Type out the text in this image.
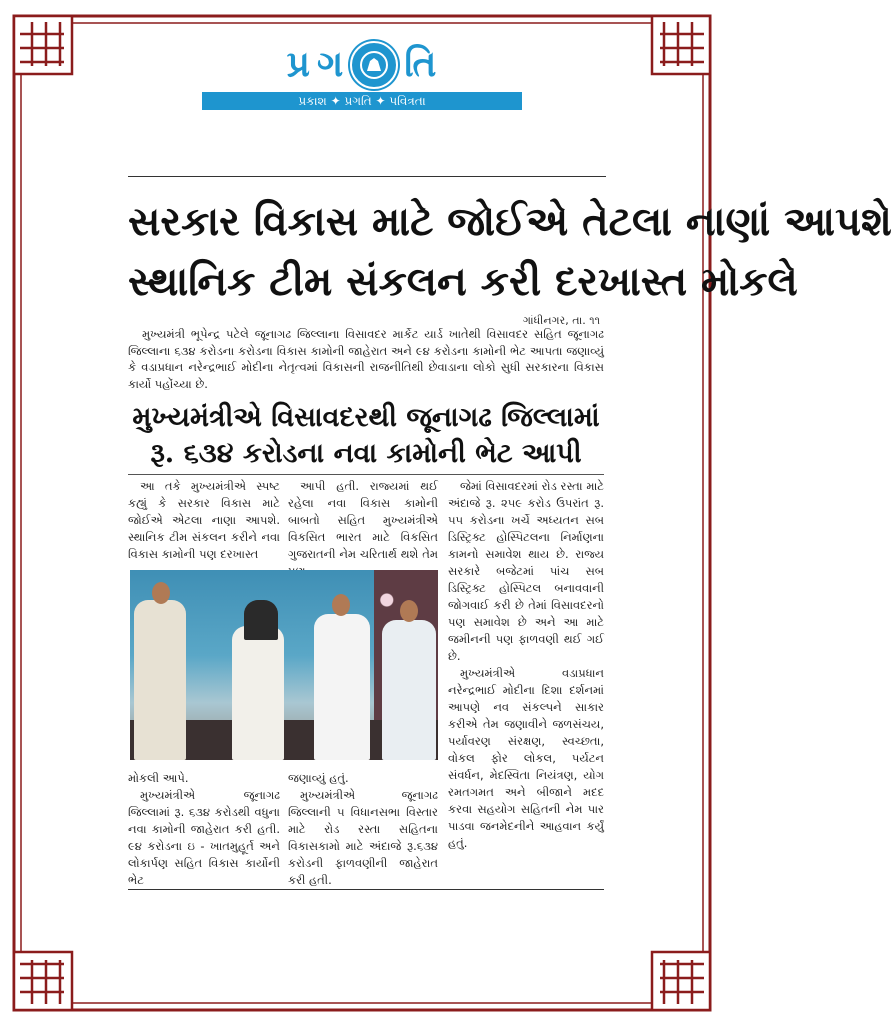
પ્ર ગ તિ
પ્રકાશ ✦ પ્રગતિ ✦ પવિત્રતા
સરકાર વિકાસ માટે જોઈએ તેટલા નાણાં આપશે
સ્થાનિક ટીમ સંકલન કરી દરખાસ્ત મોકલે
ગાંધીનગર, તા. ૧૧

મુખ્યમંત્રી ભૂપેન્દ્ર પટેલે જૂનાગઢ જિલ્લાના વિસાવદર માર્કેટ યાર્ડ ખાતેથી વિસાવદર સહિત જૂનાગઢ જિલ્લાના ૬૩૪ કરોડના કરોડના વિકાસ કામોની જાહેરાત અને ૯૪ કરોડના કામોની ભેટ આપતા જણાવ્યું કે વડાપ્રધાન નરેન્દ્રભાઈ મોદીના નેતૃત્વમાં વિકાસની રાજનીતિથી છેવાડાના લોકો સુધી સરકારના વિકાસ કાર્યો પહોંચ્યા છે.

મુખ્યમંત્રીએ વિસાવદરથી જૂનાગઢ જિલ્લામાં
રૂ. ૬૩૪ કરોડના નવા કામોની ભેટ આપી

આ તકે મુખ્યમંત્રીએ સ્પષ્ટ કહ્યું કે સરકાર વિકાસ માટે જોઈએ એટલા નાણા આપશે. સ્થાનિક ટીમ સંકલન કરીને નવા વિકાસ કામોની પણ દરખાસ્ત

આપી હતી. રાજ્યમાં થઈ રહેલા નવા વિકાસ કામોની બાબતો સહિત મુખ્યમંત્રીએ વિકસિત ભારત માટે વિકસિત ગુજરાતની નેમ ચરિતાર્થ થશે તેમ

જેમાં વિસાવદરમાં રોડ રસ્તા માટે અંદાજે રૂ. ૨૫૯ કરોડ ઉપરાંત રૂ. ૫૫ કરોડના ખર્ચે અધ્યતન સબ ડિસ્ટ્રિક્ટ હોસ્પિટલના નિર્માણના કામનો સમાવેશ થાય છે. રાજ્ય સરકારે બજેટમાં પાંચ સબ ડિસ્ટ્રિક્ટ હોસ્પિટલ બનાવવાની જોગવાઈ કરી છે તેમાં વિસાવદરનો પણ સમાવેશ છે અને આ માટે જમીનની પણ ફાળવણી થઈ ગઈ છે.

મુખ્યમંત્રીએ વડાપ્રધાન નરેન્દ્રભાઈ મોદીના દિશા દર્શનમાં આપણે નવ સંકલ્પને સાકાર કરીએ તેમ જણાવીને જળસંચય, પર્યાવરણ સંરક્ષણ, સ્વચ્છતા, વોકલ ફોર લોકલ, પર્યટન સંવર્ધન, મેદસ્વિતા નિયંત્રણ, યોગ રમતગમત અને બીજાને મદદ કરવા સહયોગ સહિતની નેમ પાર પાડવા જનમેદનીને આહવાન કર્યું હતું.

મોકલી આપે.

મુખ્યમંત્રીએ જૂનાગઢ જિલ્લામાં રૂ. ૬૩૪ કરોડથી વધુના નવા કામોની જાહેરાત કરી હતી. ૯૪ કરોડના ઇ - ખાતમુહૂર્ત અને લોકાર્પણ સહિત વિકાસ કાર્યોની ભેટ

જણાવ્યું હતું.

મુખ્યમંત્રીએ જૂનાગઢ જિલ્લાની ૫ વિધાનસભા વિસ્તાર માટે રોડ રસ્તા સહિતના વિકાસકામો માટે અંદાજે રૂ.૬૩૪ કરોડની ફાળવણીની જાહેરાત કરી હતી.
